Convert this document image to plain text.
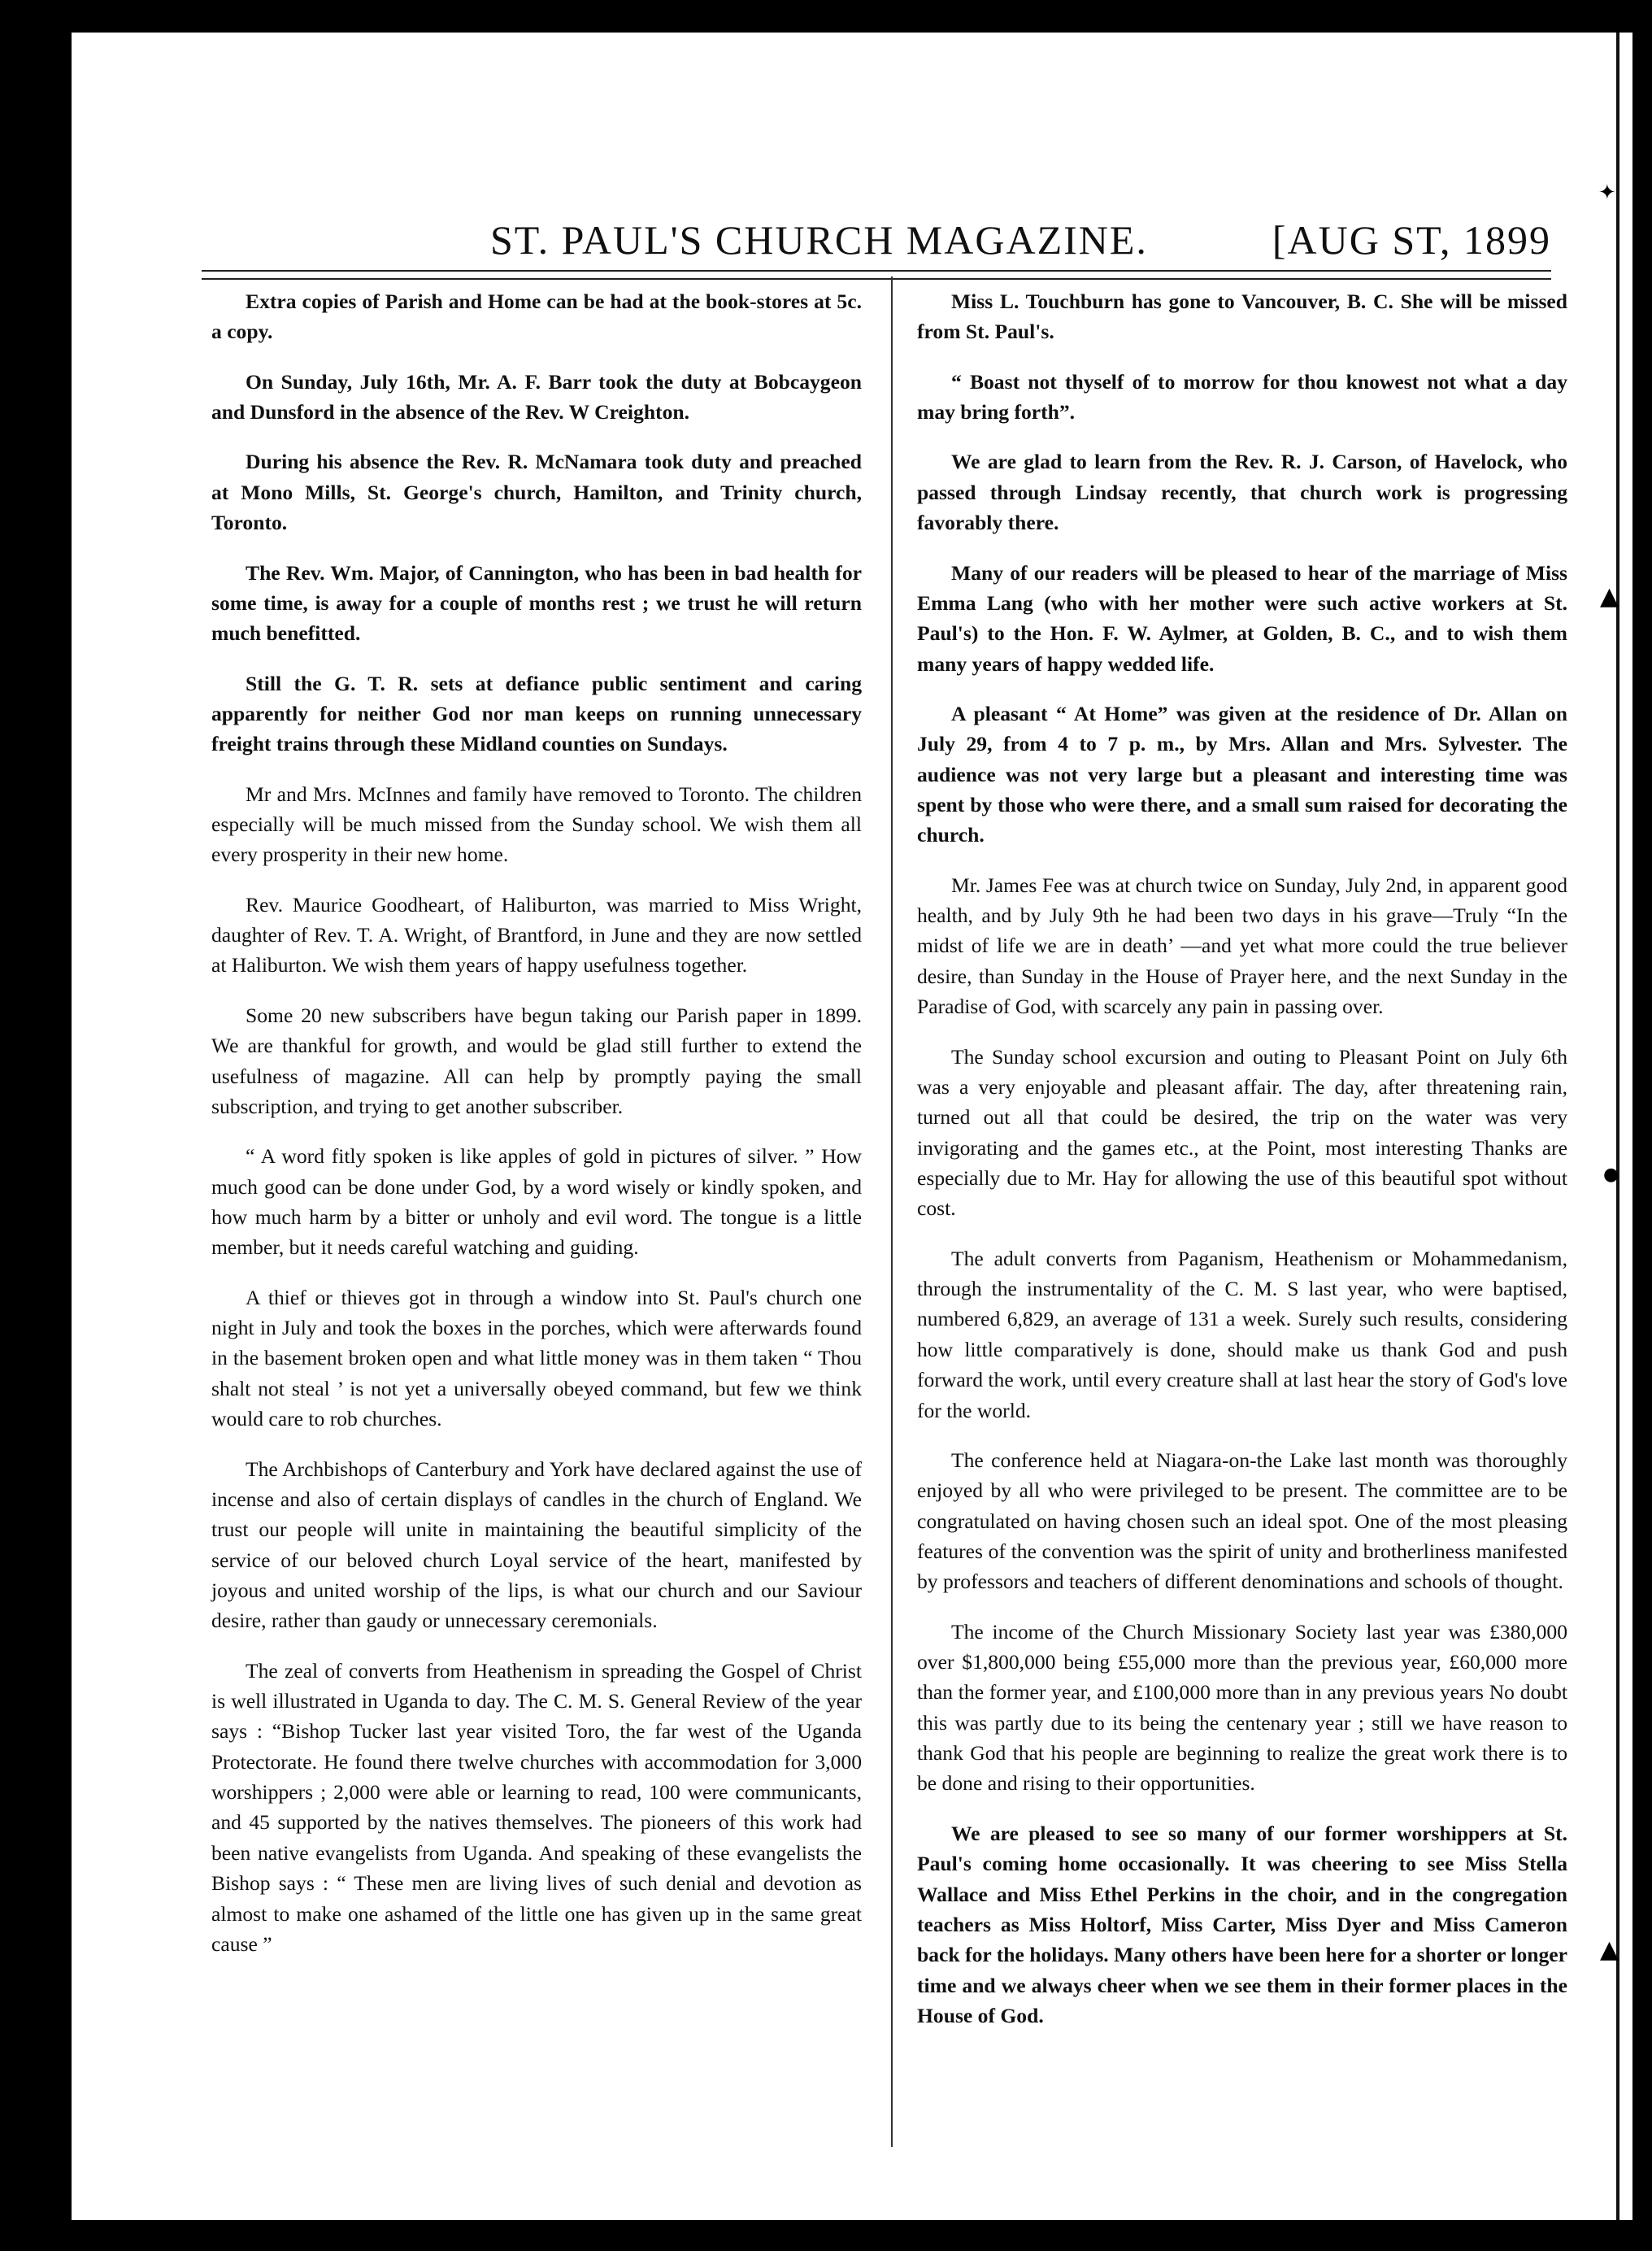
ST. PAUL'S CHURCH MAGAZINE.	[AUG ST, 1899

Extra copies of Parish and Home can be had at the book-stores at 5c. a copy.

On Sunday, July 16th, Mr. A. F. Barr took the duty at Bobcaygeon and Dunsford in the absence of the Rev. W Creighton.

During his absence the Rev. R. McNamara took duty and preached at Mono Mills, St. George's church, Hamilton, and Trinity church, Toronto.

The Rev. Wm. Major, of Cannington, who has been in bad health for some time, is away for a couple of months rest ; we trust he will return much benefitted.

Still the G. T. R. sets at defiance public sentiment and caring apparently for neither God nor man keeps on running unnecessary freight trains through these Midland counties on Sundays.

Mr and Mrs. McInnes and family have removed to Toronto. The children especially will be much missed from the Sunday school. We wish them all every prosperity in their new home.

Rev. Maurice Goodheart, of Haliburton, was married to Miss Wright, daughter of Rev. T. A. Wright, of Brantford, in June and they are now settled at Haliburton. We wish them years of happy usefulness together.

Some 20 new subscribers have begun taking our Parish paper in 1899. We are thankful for growth, and would be glad still further to extend the usefulness of magazine. All can help by promptly paying the small subscription, and trying to get another subscriber.

“ A word fitly spoken is like apples of gold in pictures of silver. ” How much good can be done under God, by a word wisely or kindly spoken, and how much harm by a bitter or unholy and evil word. The tongue is a little member, but it needs careful watching and guiding.

A thief or thieves got in through a window into St. Paul's church one night in July and took the boxes in the porches, which were afterwards found in the basement broken open and what little money was in them taken “ Thou shalt not steal ’ is not yet a universally obeyed command, but few we think would care to rob churches.

The Archbishops of Canterbury and York have declared against the use of incense and also of certain displays of candles in the church of England. We trust our people will unite in maintaining the beautiful simplicity of the service of our beloved church Loyal service of the heart, manifested by joyous and united worship of the lips, is what our church and our Saviour desire, rather than gaudy or unnecessary ceremonials.

The zeal of converts from Heathenism in spreading the Gospel of Christ is well illustrated in Uganda to day. The C. M. S. General Review of the year says : “Bishop Tucker last year visited Toro, the far west of the Uganda Protectorate. He found there twelve churches with accommodation for 3,000 worshippers ; 2,000 were able or learning to read, 100 were communicants, and 45 supported by the natives themselves. The pioneers of this work had been native evangelists from Uganda. And speaking of these evangelists the Bishop says : “ These men are living lives of such denial and devotion as almost to make one ashamed of the little one has given up in the same great cause ”

Miss L. Touchburn has gone to Vancouver, B. C. She will be missed from St. Paul's.

“ Boast not thyself of to morrow for thou knowest not what a day may bring forth”.

We are glad to learn from the Rev. R. J. Carson, of Havelock, who passed through Lindsay recently, that church work is progressing favorably there.

Many of our readers will be pleased to hear of the marriage of Miss Emma Lang (who with her mother were such active workers at St. Paul's) to the Hon. F. W. Aylmer, at Golden, B. C., and to wish them many years of happy wedded life.

A pleasant “ At Home” was given at the residence of Dr. Allan on July 29, from 4 to 7 p. m., by Mrs. Allan and Mrs. Sylvester. The audience was not very large but a pleasant and interesting time was spent by those who were there, and a small sum raised for decorating the church.

Mr. James Fee was at church twice on Sunday, July 2nd, in apparent good health, and by July 9th he had been two days in his grave—Truly “In the midst of life we are in death’ —and yet what more could the true believer desire, than Sunday in the House of Prayer here, and the next Sunday in the Paradise of God, with scarcely any pain in passing over.

The Sunday school excursion and outing to Pleasant Point on July 6th was a very enjoyable and pleasant affair. The day, after threatening rain, turned out all that could be desired, the trip on the water was very invigorating and the games etc., at the Point, most interesting Thanks are especially due to Mr. Hay for allowing the use of this beautiful spot without cost.

The adult converts from Paganism, Heathenism or Mohammedanism, through the instrumentality of the C. M. S last year, who were baptised, numbered 6,829, an average of 131 a week. Surely such results, considering how little comparatively is done, should make us thank God and push forward the work, until every creature shall at last hear the story of God's love for the world.

The conference held at Niagara-on-the Lake last month was thoroughly enjoyed by all who were privileged to be present. The committee are to be congratulated on having chosen such an ideal spot. One of the most pleasing features of the convention was the spirit of unity and brotherliness manifested by professors and teachers of different denominations and schools of thought.

The income of the Church Missionary Society last year was £380,000 over $1,800,000 being £55,000 more than the previous year, £60,000 more than the former year, and £100,000 more than in any previous years No doubt this was partly due to its being the centenary year ; still we have reason to thank God that his people are beginning to realize the great work there is to be done and rising to their opportunities.

We are pleased to see so many of our former worshippers at St. Paul's coming home occasionally. It was cheering to see Miss Stella Wallace and Miss Ethel Perkins in the choir, and in the congregation teachers as Miss Holtorf, Miss Carter, Miss Dyer and Miss Cameron back for the holidays. Many others have been here for a shorter or longer time and we always cheer when we see them in their former places in the House of God.

✦
▲
●
▲
